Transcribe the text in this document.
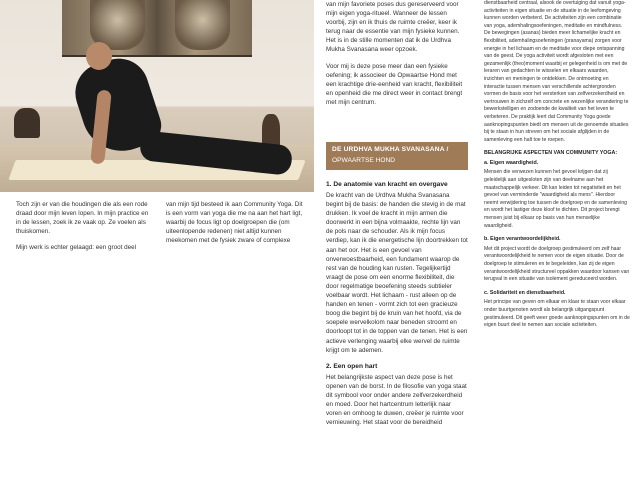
Toch zijn er van die houdingen die als een rode draad door mijn leven lopen. In mijn practice en in de lessen, zoek ik ze vaak op. Ze voelen als thuiskomen.

Mijn werk is echter gelaagd: een groot deel

van mijn tijd besteed ik aan Community Yoga. Dit is een vorm van yoga die me na aan het hart ligt, waarbij de focus ligt op doelgroepen die (om uiteenlopende redenen) niet altijd kunnen meekomen met de fysiek zware of complexe

van mijn favoriete poses dus gereserveerd voor mijn eigen yoga-ritueel. Wanneer de lessen voorbij, zijn en ik thuis de ruimte creëer, keer ik terug naar de essentie van mijn fysieke kunnen. Het is in de stille momenten dat ik de Urdhva Mukha Svanasana weer opzoek.

Voor mij is deze pose meer dan een fysieke oefening; ik associeer de Opwaartse Hond met een krachtige drie-eenheid van kracht, flexibiliteit en openheid die me direct weer in contact brengt met mijn centrum.

DE URDHVA MUKHA SVANASANA /
OPWAARTSE HOND
1. De anatomie van kracht en overgave

De kracht van de Urdhva Mukha Svanasana begint bij de basis: de handen die stevig in de mat drukken. Ik voel de kracht in mijn armen die doorwerkt in een bijna volmaakte, rechte lijn van de pols naar de schouder. Als ik mijn focus verdiep, kan ik die energetische lijn doortrekken tot aan het oor. Het is een gevoel van onverwoestbaarheid, een fundament waarop de rest van de houding kan rusten. Tegelijkertijd vraagt de pose om een enorme flexibiliteit, die door regelmatige beoefening steeds subtieler voelbaar wordt. Het lichaam - rust alleen op de handen en tenen - vormt zich tot een gracieuze boog die begint bij de kruin van het hoofd, via de soepele wervelkolom naar beneden stroomt en doorloopt tot in de toppen van de tenen. Het is een actieve verlenging waarbij elke wervel de ruimte krijgt om te ademen.

2. Een open hart

Het belangrijkste aspect van deze pose is het openen van de borst. In de filosofie van yoga staat dit symbool voor onder andere zelfverzekerdheid en moed. Door het hartcentrum letterlijk naar voren en omhoog te duwen, creëer je ruimte voor vernieuwing. Het staat voor de bereidheid

dienstbaarheid centraal, alsook de overtuiging dat vanuit yoga-activiteiten in eigen situatie en de situatie in de leefomgeving kunnen worden verbeterd. De activiteiten zijn een combinatie van yoga, ademhalingsoefeningen, meditatie en mindfulness. De bewegingen (asanas) bieden meer lichamelijke kracht en flexibiliteit, ademhalingsoefeningen (pranayama) zorgen voor energie in het lichaam en de meditatie voor diepe ontspanning van de geest. De yoga activiteit wordt afgesloten met een gezamenlijk (theo)moment waarbij er gelegenheid is om met de leraren van gedachten te wisselen en elkaars waarden, inzichten en meningen te ontdekken. De ontmoeting en interactie tussen mensen van verschillende achtergronden vormen de basis voor het versterken van zelfverzekerdheid en vertrouwen in zichzelf om concrete en wezenlijke verandering te bewerkstelligen en zodoende de kwaliteit van het leven te verbeteren. De praktijk leert dat Community Yoga goede aanknopingspunten biedt om mensen uit de genoemde situaties bij te staan in hun streven om het sociale afglijden in de samenleving een halt toe te roepen.

BELANGRIJKE ASPECTEN VAN COMMUNITY YOGA:
a. Eigen waardigheid.

Mensen die verwezen kunnen het gevoel krijgen dat zij geleidelijk aan uitgesloten zijn van deelname aan het maatschappelijk verkeer. Dit kan leiden tot negativiteit en het gevoel van verminderde "waardigheid als mens". Hierdoor neemt verwijdering toe tussen de doelgroep en de samenleving en wordt het lastiger deze kloof te dichten. Dit project brengt mensen juist bij elkaar op basis van hun menselijke waardigheid.

b. Eigen verantwoordelijkheid.

Met dit project wordt de doelgroep gestimuleerd om zelf haar verantwoordelijkheid te nemen voor de eigen situatie. Door de doelgroep te stimuleren en te begeleiden, kan zij de eigen verantwoordelijkheid structureel oppakken waardoor kansen van terugval in een situatie van isolement gereduceerd worden.

c. Solidariteit en dienstbaarheid.

Het principe van geven om elkaar en klaar te staan voor elkaar onder buurtgenoten wordt als belangrijk uitgangspunt gestimuleerd. Dit geeft weer goede aanknopingspunten om in de eigen buurt deel te nemen aan sociale activiteiten.
